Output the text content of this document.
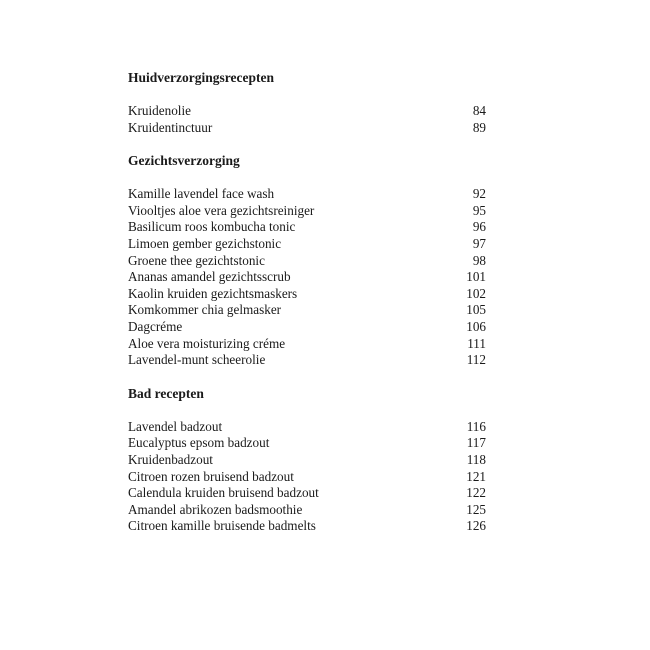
Huidverzorgingsrecepten
Kruidenolie	84
Kruidentinctuur	89
Gezichtsverzorging
Kamille lavendel face wash	92
Viooltjes aloe vera gezichtsreiniger	95
Basilicum roos kombucha tonic	96
Limoen gember gezichstonic	97
Groene thee gezichtstonic	98
Ananas amandel gezichtsscrub	101
Kaolin kruiden gezichtsmaskers	102
Komkommer chia gelmasker	105
Dagcréme	106
Aloe vera moisturizing créme	111
Lavendel-munt scheerolie	112
Bad recepten
Lavendel badzout	116
Eucalyptus epsom badzout	117
Kruidenbadzout	118
Citroen rozen bruisend badzout	121
Calendula kruiden bruisend badzout	122
Amandel abrikozen badsmoothie	125
Citroen kamille bruisende badmelts	126
